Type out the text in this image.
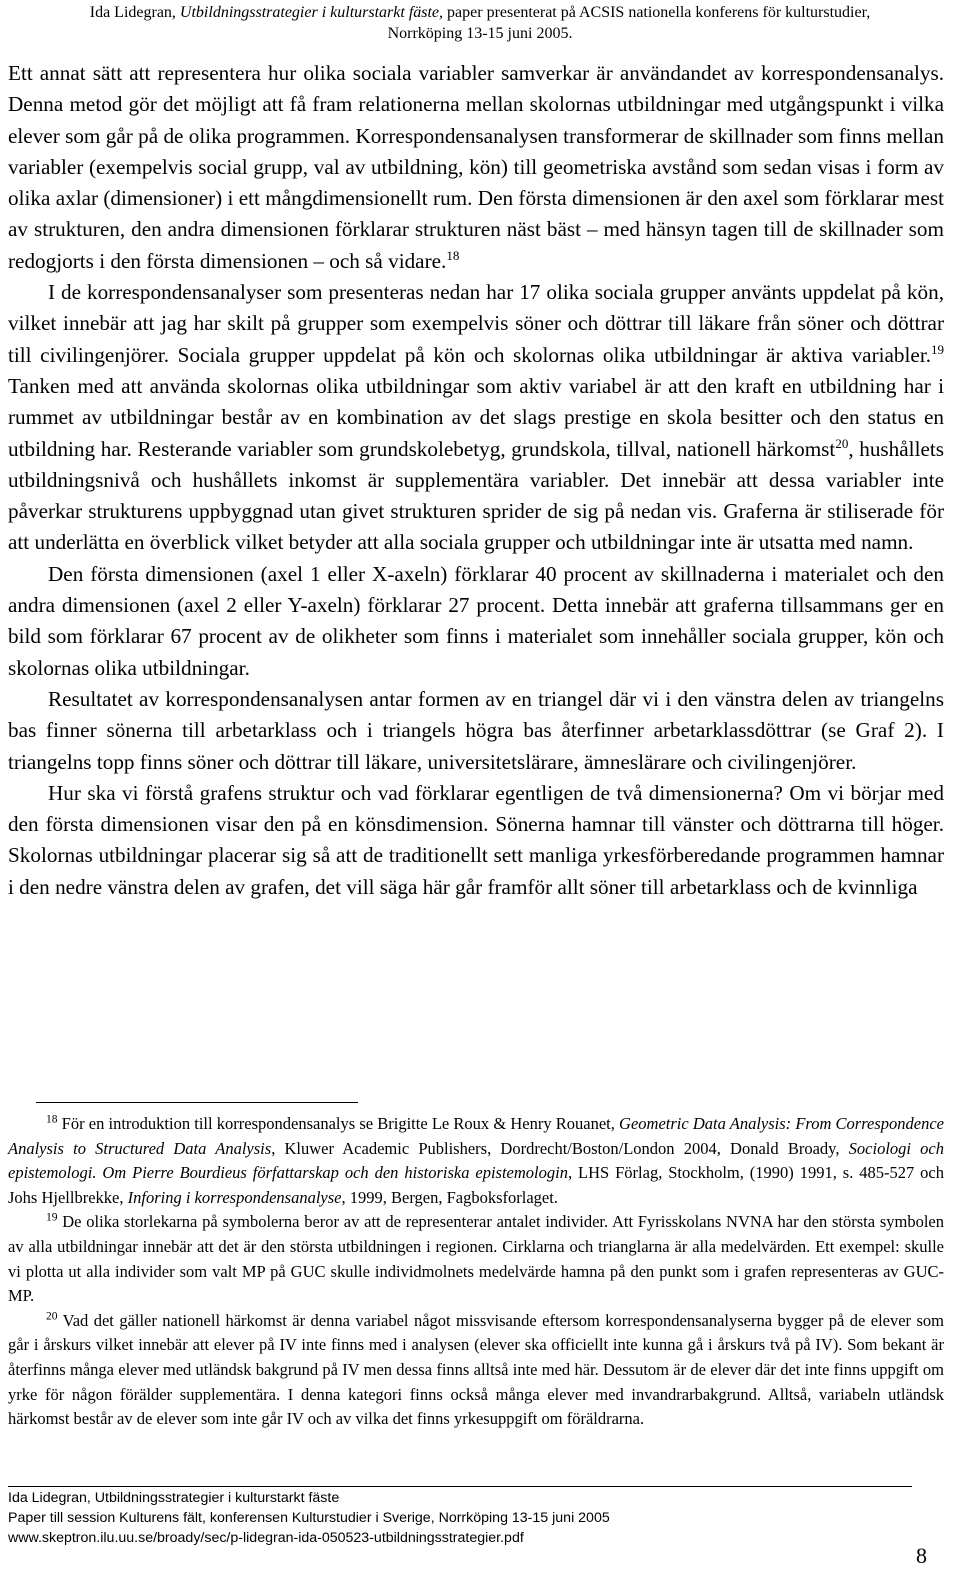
Ida Lidegran, Utbildningsstrategier i kulturstarkt fäste, paper presenterat på ACSIS nationella konferens för kulturstudier,
Norrköping 13-15 juni 2005.

Ett annat sätt att representera hur olika sociala variabler samverkar är användandet av korrespondensanalys. Denna metod gör det möjligt att få fram relationerna mellan skolornas utbildningar med utgångspunkt i vilka elever som går på de olika programmen. Korrespondensanalysen transformerar de skillnader som finns mellan variabler (exempelvis social grupp, val av utbildning, kön) till geometriska avstånd som sedan visas i form av olika axlar (dimensioner) i ett mångdimensionellt rum. Den första dimensionen är den axel som förklarar mest av strukturen, den andra dimensionen förklarar strukturen näst bäst – med hänsyn tagen till de skillnader som redogjorts i den första dimensionen – och så vidare.$^{18}$

I de korrespondensanalyser som presenteras nedan har 17 olika sociala grupper använts uppdelat på kön, vilket innebär att jag har skilt på grupper som exempelvis söner och döttrar till läkare från söner och döttrar till civilingenjörer. Sociala grupper uppdelat på kön och skolornas olika utbildningar är aktiva variabler.$^{19}$ Tanken med att använda skolornas olika utbildningar som aktiv variabel är att den kraft en utbildning har i rummet av utbildningar består av en kombination av det slags prestige en skola besitter och den status en utbildning har. Resterande variabler som grundskolebetyg, grundskola, tillval, nationell härkomst$^{20}$, hushållets utbildningsnivå och hushållets inkomst är supplementära variabler. Det innebär att dessa variabler inte påverkar strukturens uppbyggnad utan givet strukturen sprider de sig på nedan vis. Graferna är stiliserade för att underlätta en överblick vilket betyder att alla sociala grupper och utbildningar inte är utsatta med namn.

Den första dimensionen (axel 1 eller X-axeln) förklarar 40 procent av skillnaderna i materialet och den andra dimensionen (axel 2 eller Y-axeln) förklarar 27 procent. Detta innebär att graferna tillsammans ger en bild som förklarar 67 procent av de olikheter som finns i materialet som innehåller sociala grupper, kön och skolornas olika utbildningar.

Resultatet av korrespondensanalysen antar formen av en triangel där vi i den vänstra delen av triangelns bas finner sönerna till arbetarklass och i triangels högra bas återfinner arbetarklassdöttrar (se Graf 2). I triangelns topp finns söner och döttrar till läkare, universitetslärare, ämneslärare och civilingenjörer.

Hur ska vi förstå grafens struktur och vad förklarar egentligen de två dimensionerna? Om vi börjar med den första dimensionen visar den på en könsdimension. Sönerna hamnar till vänster och döttrarna till höger. Skolornas utbildningar placerar sig så att de traditionellt sett manliga yrkesförberedande programmen hamnar i den nedre vänstra delen av grafen, det vill säga här går framför allt söner till arbetarklass och de kvinnliga

$^{18}$ För en introduktion till korrespondensanalys se Brigitte Le Roux & Henry Rouanet, Geometric Data Analysis: From Correspondence Analysis to Structured Data Analysis, Kluwer Academic Publishers, Dordrecht/Boston/London 2004, Donald Broady, Sociologi och epistemologi. Om Pierre Bourdieus författarskap och den historiska epistemologin, LHS Förlag, Stockholm, (1990) 1991, s. 485-527 och Johs Hjellbrekke, Inforing i korrespondensanalyse, 1999, Bergen, Fagboksforlaget.

$^{19}$ De olika storlekarna på symbolerna beror av att de representerar antalet individer. Att Fyrisskolans NVNA har den största symbolen av alla utbildningar innebär att det är den största utbildningen i regionen. Cirklarna och trianglarna är alla medelvärden. Ett exempel: skulle vi plotta ut alla individer som valt MP på GUC skulle individmolnets medelvärde hamna på den punkt som i grafen representeras av GUC-MP.

$^{20}$ Vad det gäller nationell härkomst är denna variabel något missvisande eftersom korrespondensanalyserna bygger på de elever som går i årskurs vilket innebär att elever på IV inte finns med i analysen (elever ska officiellt inte kunna gå i årskurs två på IV). Som bekant är återfinns många elever med utländsk bakgrund på IV men dessa finns alltså inte med här. Dessutom är de elever där det inte finns uppgift om yrke för någon förälder supplementära. I denna kategori finns också många elever med invandrarbakgrund. Alltså, variabeln utländsk härkomst består av de elever som inte går IV och av vilka det finns yrkesuppgift om föräldrarna.

Ida Lidegran, Utbildningsstrategier i kulturstarkt fäste
Paper till session Kulturens fält, konferensen Kulturstudier i Sverige, Norrköping 13-15 juni 2005
www.skeptron.ilu.uu.se/broady/sec/p-lidegran-ida-050523-utbildningsstrategier.pdf
8
